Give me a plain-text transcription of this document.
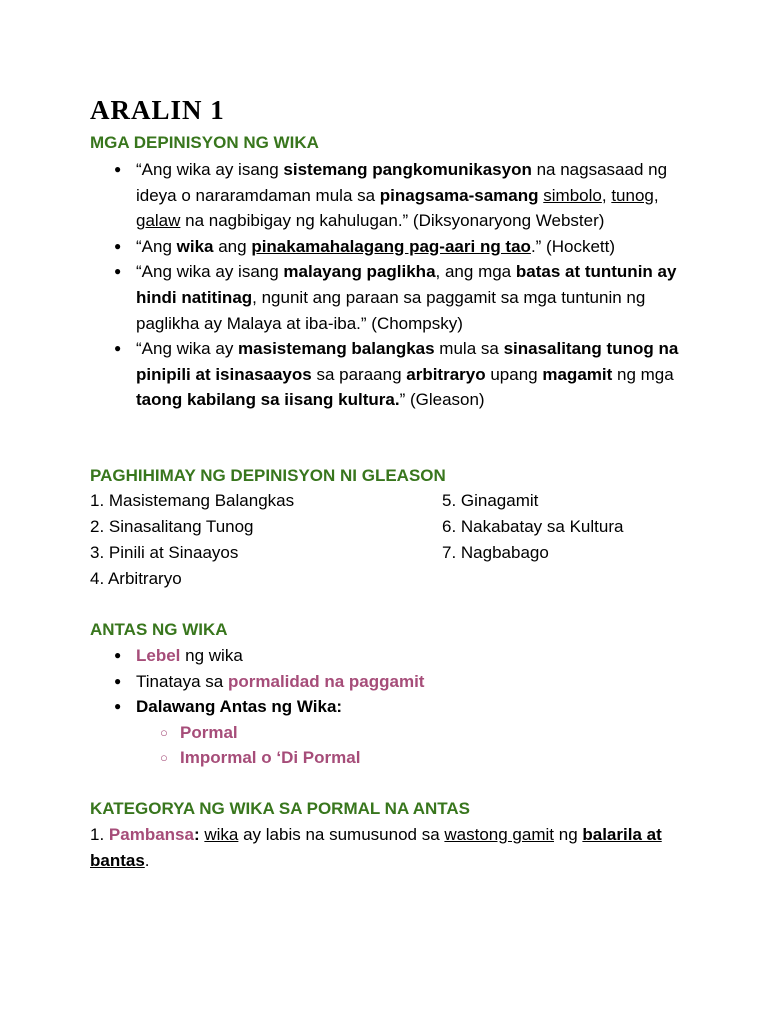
ARALIN 1
MGA DEPINISYON NG WIKA
● “Ang wika ay isang sistemang pangkomunikasyon na nagsasaad ng ideya o nararamdaman mula sa pinagsama-samang simbolo, tunog, galaw na nagbibigay ng kahulugan.” (Diksyonaryong Webster)
● “Ang wika ang pinakamahalagang pag-aari ng tao.” (Hockett)
● “Ang wika ay isang malayang paglikha, ang mga batas at tuntunin ay hindi natitinag, ngunit ang paraan sa paggamit sa mga tuntunin ng paglikha ay Malaya at iba-iba.” (Chompsky)
● “Ang wika ay masistemang balangkas mula sa sinasalitang tunog na pinipili at isinasaayos sa paraang arbitraryo upang magamit ng mga taong kabilang sa iisang kultura.” (Gleason)
PAGHIHIMAY NG DEPINISYON NI GLEASON
1. Masistemang Balangkas
2. Sinasalitang Tunog
3. Pinili at Sinaayos
4. Arbitraryo
5. Ginagamit
6. Nakabatay sa Kultura
7. Nagbabago
ANTAS NG WIKA
● Lebel ng wika
● Tinataya sa pormalidad na paggamit
● Dalawang Antas ng Wika:
○ Pormal
○ Impormal o ‘Di Pormal
KATEGORYA NG WIKA SA PORMAL NA ANTAS

1. Pambansa: wika ay labis na sumusunod sa wastong gamit ng balarila at bantas.
